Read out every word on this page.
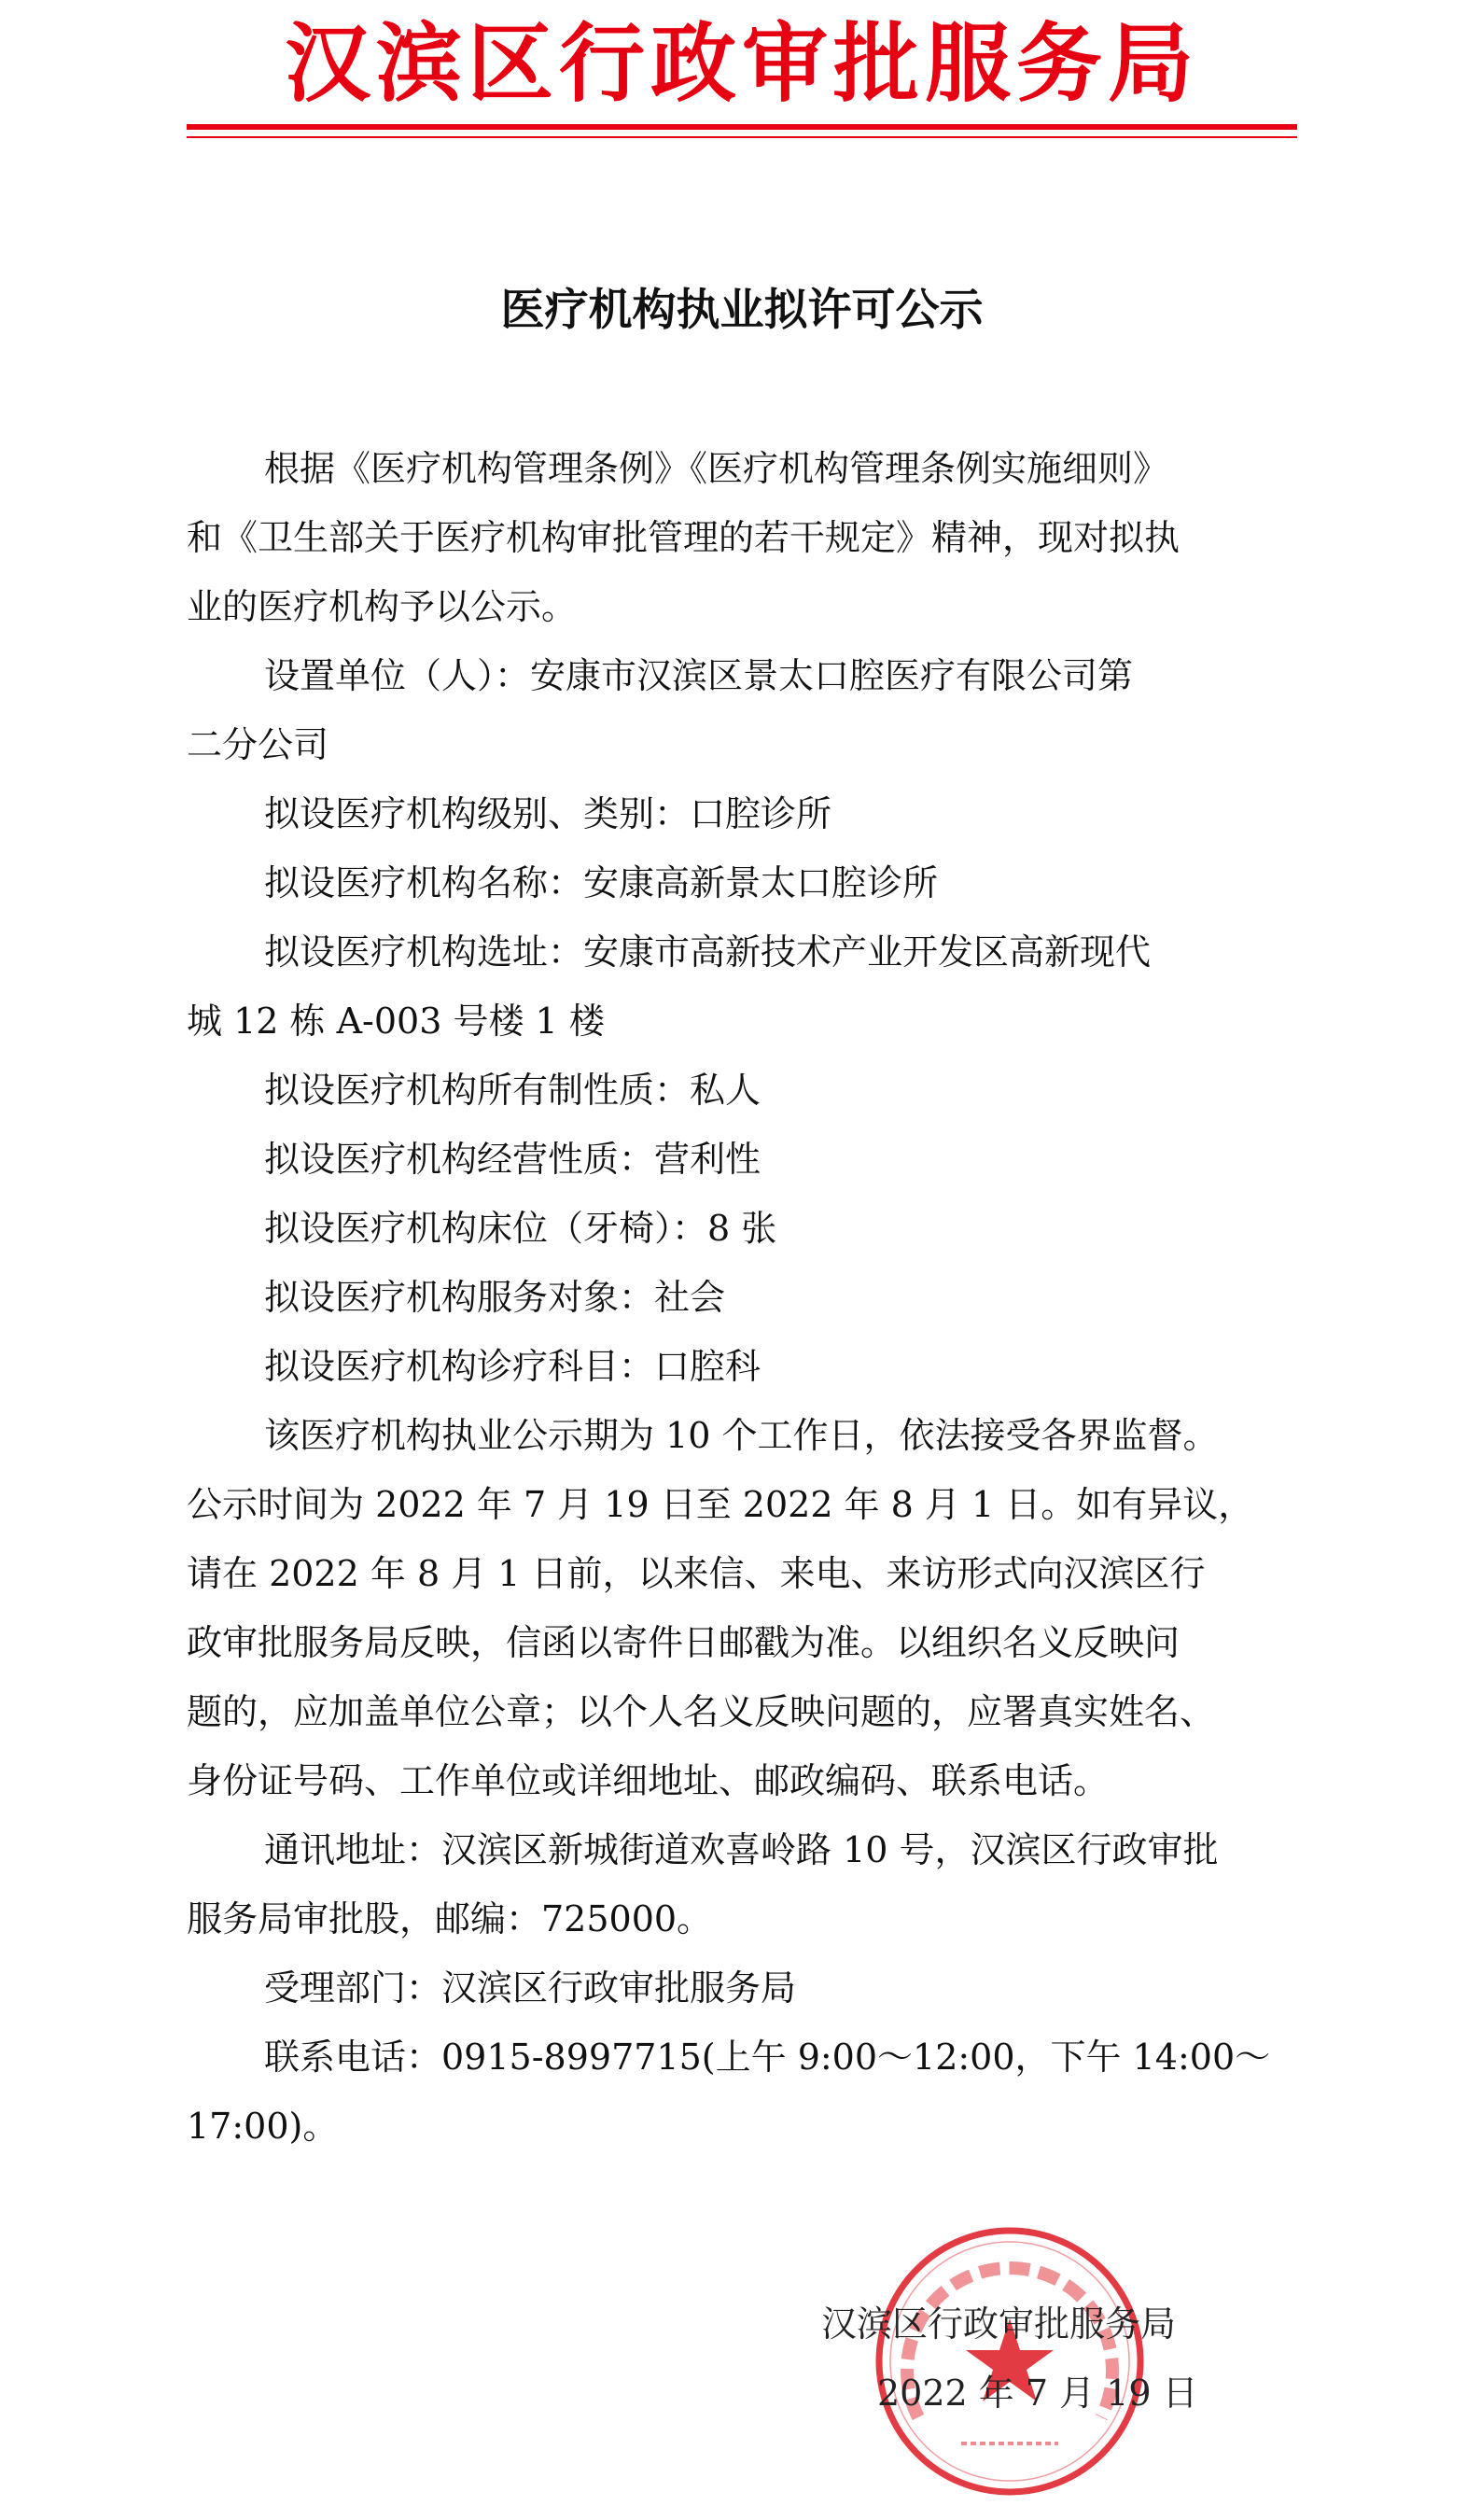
汉滨区行政审批服务局
医疗机构执业拟许可公示
根据《医疗机构管理条例》《医疗机构管理条例实施细则》
和《卫生部关于医疗机构审批管理的若干规定》精神，现对拟执
业的医疗机构予以公示。
设置单位（人）：安康市汉滨区景太口腔医疗有限公司第
二分公司
拟设医疗机构级别、类别：口腔诊所
拟设医疗机构名称：安康高新景太口腔诊所
拟设医疗机构选址：安康市高新技术产业开发区高新现代
城 12 栋 A-003 号楼 1 楼
拟设医疗机构所有制性质：私人
拟设医疗机构经营性质：营利性
拟设医疗机构床位（牙椅）：8 张
拟设医疗机构服务对象：社会
拟设医疗机构诊疗科目：口腔科
该医疗机构执业公示期为 10 个工作日，依法接受各界监督。
公示时间为 2022 年 7 月 19 日至 2022 年 8 月 1 日。如有异议，
请在 2022 年 8 月 1 日前，以来信、来电、来访形式向汉滨区行
政审批服务局反映，信函以寄件日邮戳为准。以组织名义反映问
题的，应加盖单位公章；以个人名义反映问题的，应署真实姓名、
身份证号码、工作单位或详细地址、邮政编码、联系电话。
通讯地址：汉滨区新城街道欢喜岭路 10 号，汉滨区行政审批
服务局审批股，邮编：725000。
受理部门：汉滨区行政审批服务局
联系电话：0915-8997715(上午 9:00～12:00，下午 14:00～
17:00)。
汉滨区行政审批服务局
2022 年 7 月 19 日
